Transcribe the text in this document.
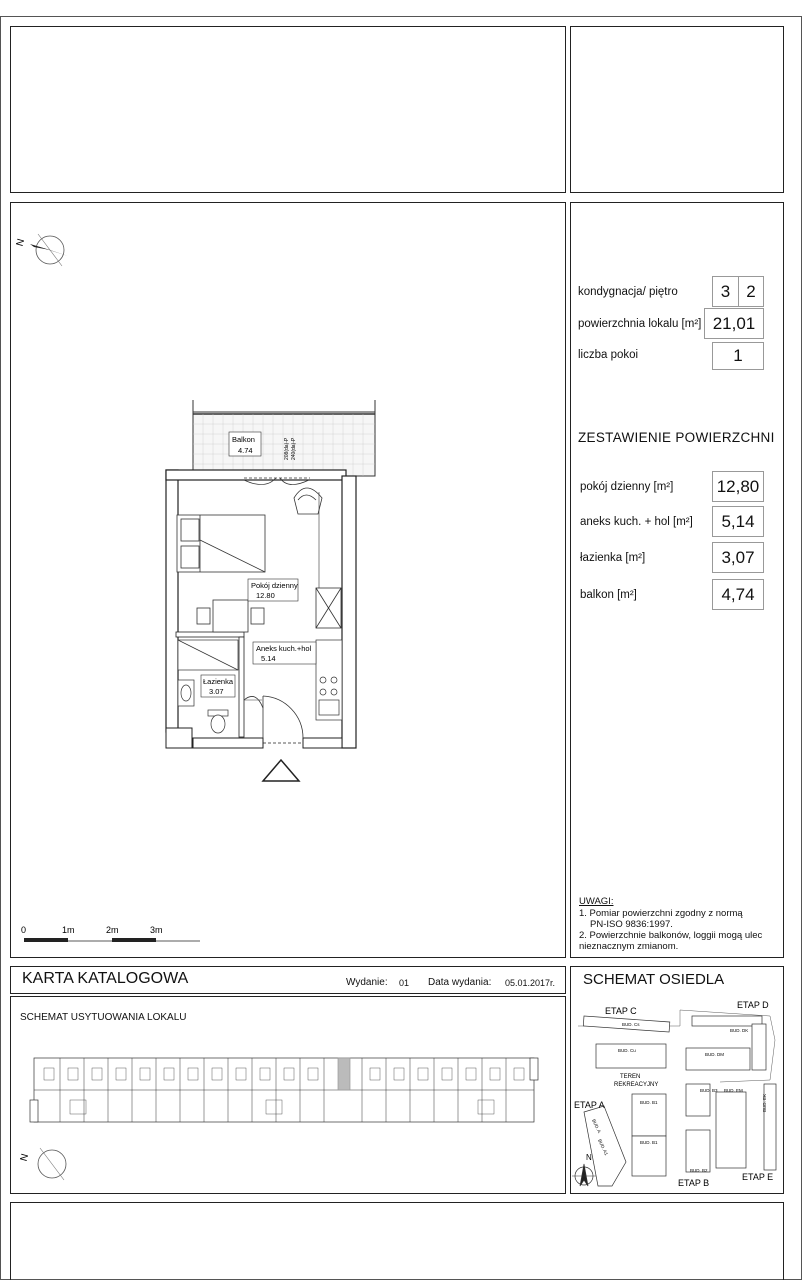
kondygnacja/ piętro	3 2
powierzchnia lokalu [m²] 21,01
liczba pokoi	1
ZESTAWIENIE POWIERZCHNI
pokój dzienny [m²]	12,80
aneks kuch. + hol [m²]	5,14
łazienka [m²]	3,07
balkon [m²]	4,74
UWAGI:
1. Pomiar powierzchni zgodny z normą
PN-ISO 9836:1997.
2. Powierzchnie balkonów, loggii mogą ulec
nieznacznym zmianom.
KARTA KATALOGOWA	Wydanie: 01 Data wydania: 05.01.2017r. SCHEMAT OSIEDLA
SCHEMAT USYTUOWANIA LOKALU
N
Balkon
4.74	208(da)-P 240(da)-P
Pokój dzienny
12.80
Aneks kuch.+hol
5.14
Łazienka
3.07
0	1m	2m	3m
N	N
ETAP C
ETAP D
ETAP A
ETAP B
ETAP E
BUD. Cs
BUD. Cu
BUD. DK
BUD. DM
BUD. B3 BUD. EM
BUD. B1
BUD. B1
BUD. B2
BUD. EK
BUD. A
BUD. A1
TEREN
REKREACYJNY
